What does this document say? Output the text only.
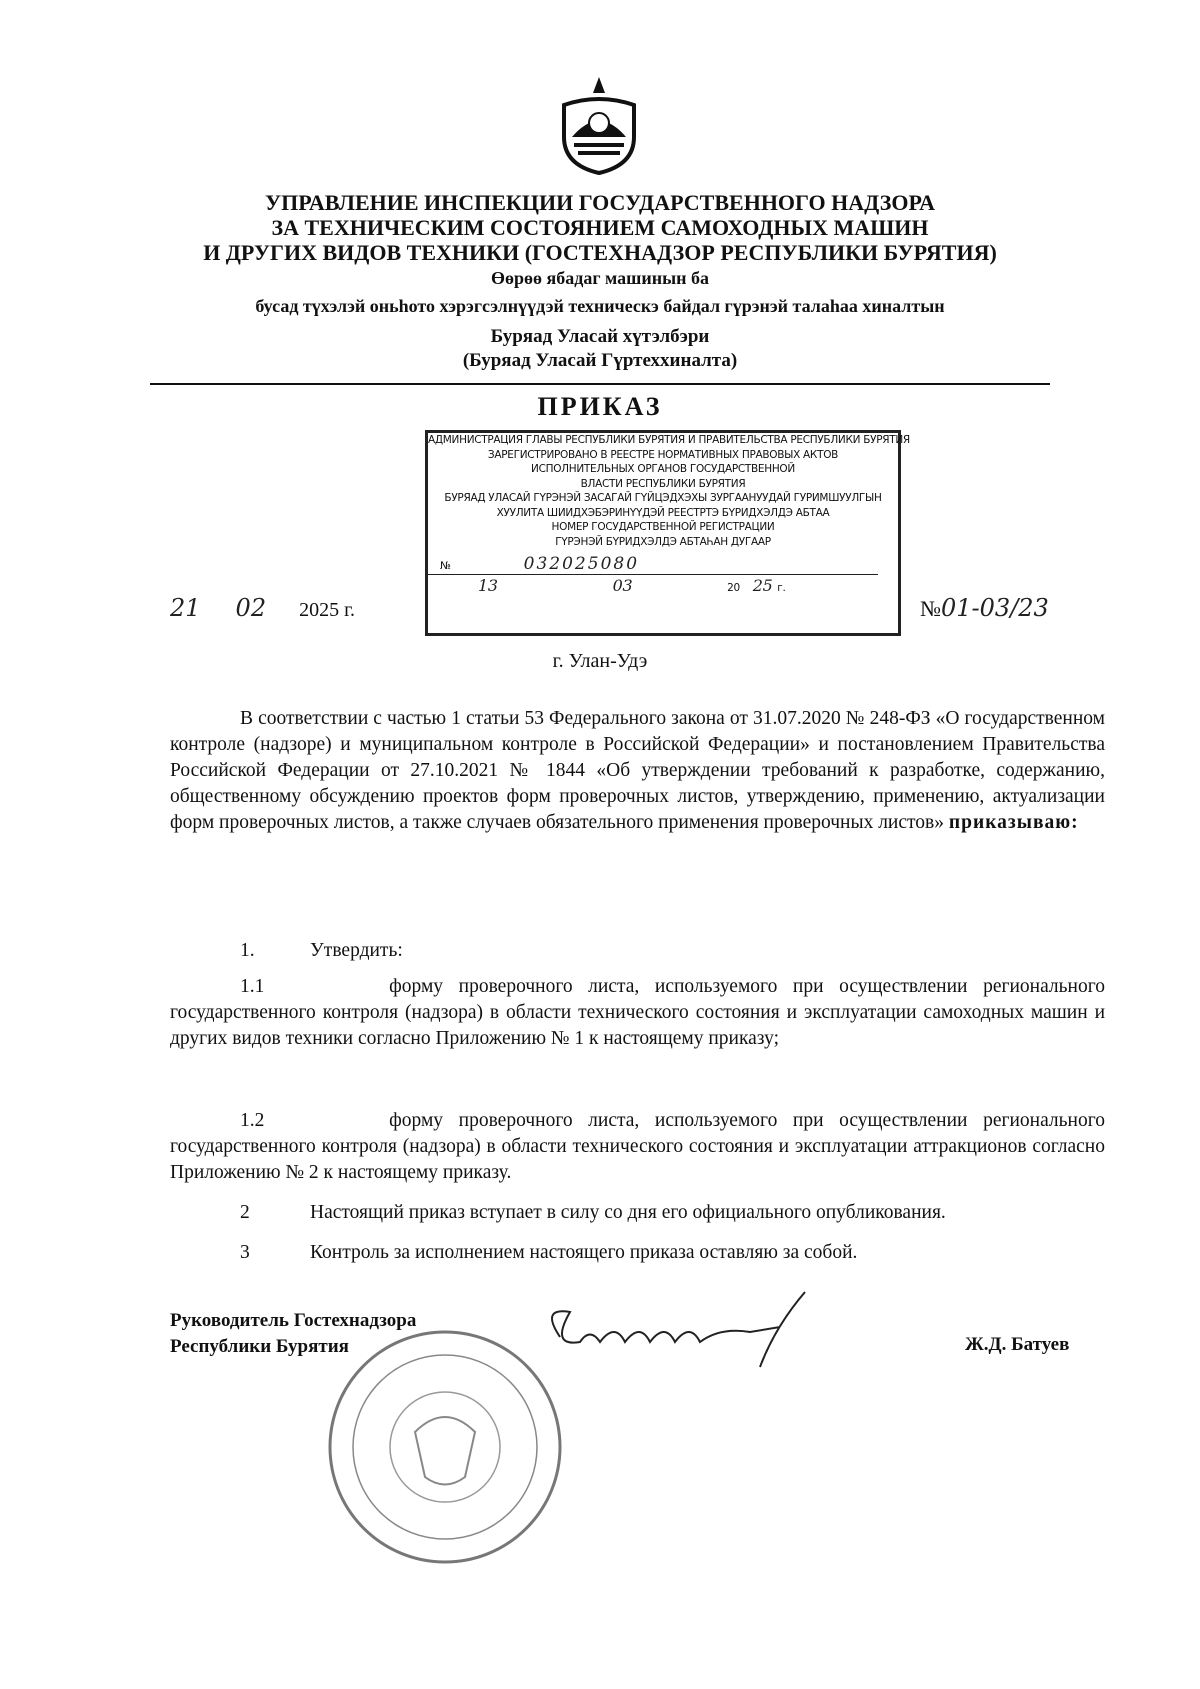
УПРАВЛЕНИЕ ИНСПЕКЦИИ ГОСУДАРСТВЕННОГО НАДЗОРА
ЗА ТЕХНИЧЕСКИМ СОСТОЯНИЕМ САМОХОДНЫХ МАШИН
И ДРУГИХ ВИДОВ ТЕХНИКИ (ГОСТЕХНАДЗОР РЕСПУБЛИКИ БУРЯТИЯ)
Өөрөө ябадаг машинын ба
бусад түхэлэй оньһото хэрэгсэлнүүдэй техническэ байдал гүрэнэй талаһаа хиналтын
Буряад Уласай хүтэлбэри
(Буряад Уласай Гүртеххиналта)
ПРИКАЗ
АДМИНИСТРАЦИЯ ГЛАВЫ РЕСПУБЛИКИ БУРЯТИЯ И ПРАВИТЕЛЬСТВА РЕСПУБЛИКИ БУРЯТИЯ
ЗАРЕГИСТРИРОВАНО В РЕЕСТРЕ НОРМАТИВНЫХ ПРАВОВЫХ АКТОВ
ИСПОЛНИТЕЛЬНЫХ ОРГАНОВ ГОСУДАРСТВЕННОЙ
ВЛАСТИ РЕСПУБЛИКИ БУРЯТИЯ
БУРЯАД УЛАСАЙ ГҮРЭНЭЙ ЗАСАГАЙ ГҮЙЦЭДХЭХЫ ЗУРГААНУУДАЙ ГУРИМШУУЛГЫН
ХУУЛИТА ШИИДХЭБЭРИНҮҮДЭЙ РЕЕСТРТЭ БҮРИДХЭЛДЭ АБТАА
НОМЕР ГОСУДАРСТВЕННОЙ РЕГИСТРАЦИИ
ГҮРЭНЭЙ БҮРИДХЭЛДЭ АБТАҺАН ДУГААР
№	032025080
13	03	20 25 г.
21 02 2025 г.	№01-03/23
г. Улан-Удэ
В соответствии с частью 1 статьи 53 Федерального закона от 31.07.2020 № 248-ФЗ «О государственном контроле (надзоре) и муниципальном контроле в Российской Федерации» и постановлением Правительства Российской Федерации от 27.10.2021 № 1844 «Об утверждении требований к разработке, содержанию, общественному обсуждению проектов форм проверочных листов, утверждению, применению, актуализации форм проверочных листов, а также случаев обязательного применения проверочных листов» приказываю:
1.	Утвердить:
1.1	форму проверочного листа, используемого при осуществлении регионального государственного контроля (надзора) в области технического состояния и эксплуатации самоходных машин и других видов техники согласно Приложению № 1 к настоящему приказу;
1.2	форму проверочного листа, используемого при осуществлении регионального государственного контроля (надзора) в области технического состояния и эксплуатации аттракционов согласно Приложению № 2 к настоящему приказу.
2	Настоящий приказ вступает в силу со дня его официального опубликования.
3	Контроль за исполнением настоящего приказа оставляю за собой.
Руководитель Гостехнадзора
Республики Бурятия	Ж.Д. Батуев
